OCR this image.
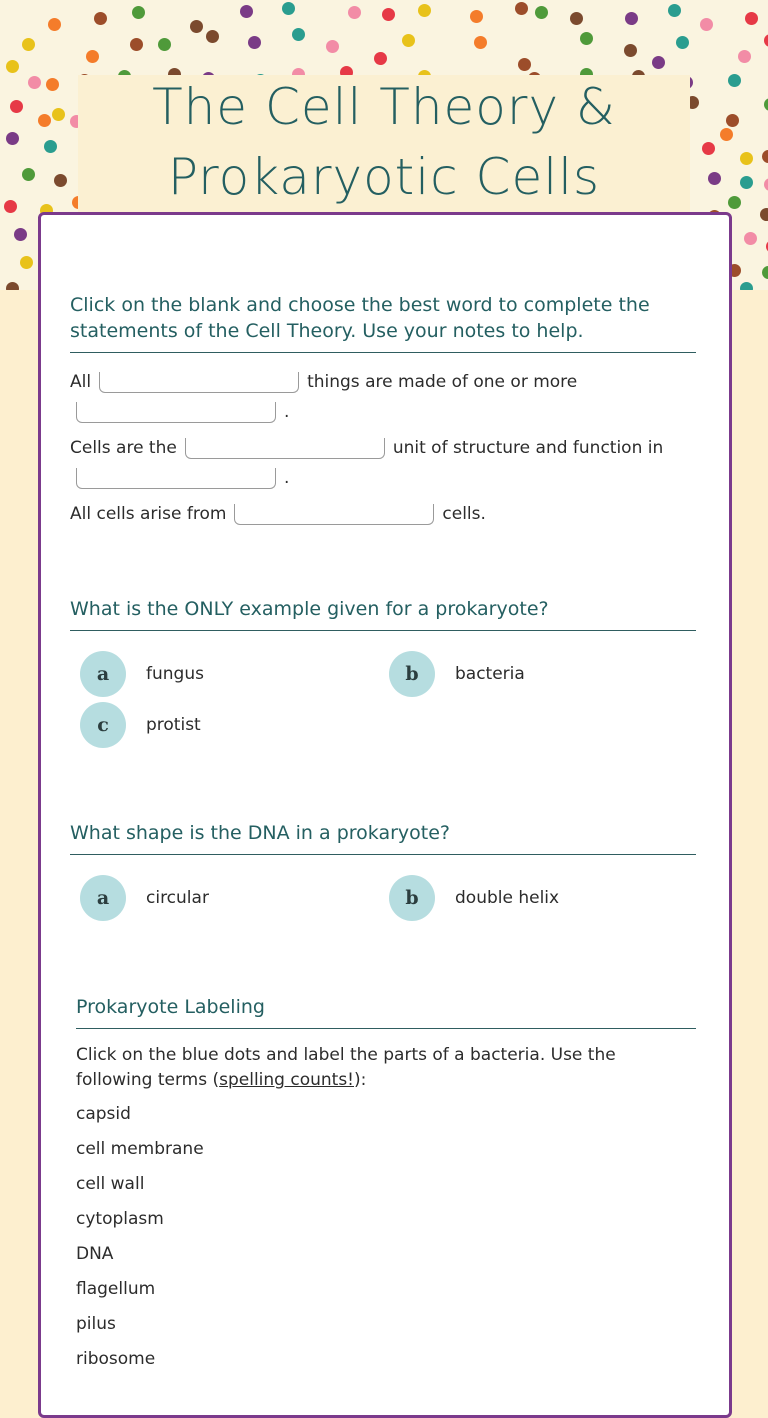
The Cell Theory &
Prokaryotic Cells
Click on the blank and choose the best word to complete the statements of the Cell Theory. Use your notes to help.
All	things are made of one or more
.
Cells are the	unit of structure and function in
.
All cells arise from	cells.
What is the ONLY example given for a prokaryote?
a	fungus	b	bacteria
c	protist
What shape is the DNA in a prokaryote?
a	circular	b	double helix
Prokaryote Labeling
Click on the blue dots and label the parts of a bacteria. Use the following terms (spelling counts!):
capsid
cell membrane
cell wall
cytoplasm
DNA
flagellum
pilus
ribosome
